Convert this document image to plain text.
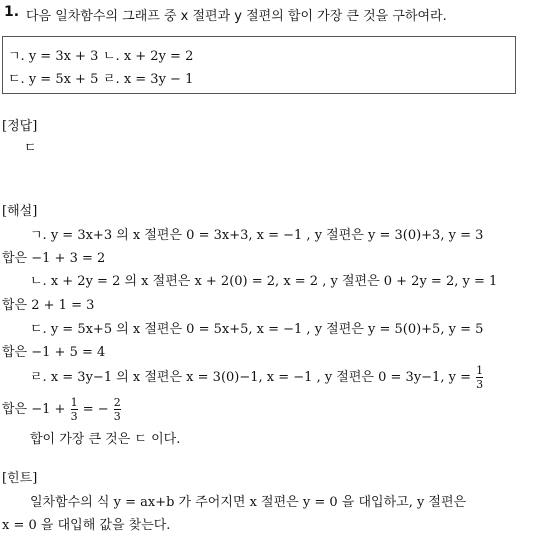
1. 다음 일차함수의 그래프 중 x 절편과 y 절편의 합이 가장 큰 것을 구하여라.
ㄱ. y = 3x + 3 ㄴ. x + 2y = 2
ㄷ. y = 5x + 5 ㄹ. x = 3y − 1
[정답]
ㄷ
[해설]
ㄱ. y = 3x+3 의 x 절편은 0 = 3x+3, x = −1 , y 절편은 y = 3(0)+3, y = 3
합은 −1 + 3 = 2
ㄴ. x + 2y = 2 의 x 절편은 x + 2(0) = 2, x = 2 , y 절편은 0 + 2y = 2, y = 1
합은 2 + 1 = 3
ㄷ. y = 5x+5 의 x 절편은 0 = 5x+5, x = −1 , y 절편은 y = 5(0)+5, y = 5
합은 −1 + 5 = 4
ㄹ. x = 3y−1 의 x 절편은 x = 3(0)−1, x = −1 , y 절편은 0 = 3y−1, $y = \frac{1}{3}$
합은 $-1 + \frac{1}{3}$ = − $\frac{2}{3}$
합이 가장 큰 것은 ㄷ 이다.
[힌트]
일차함수의 식 y = ax+b 가 주어지면 x 절편은 y = 0 을 대입하고, y 절편은
x = 0 을 대입해 값을 찾는다.
